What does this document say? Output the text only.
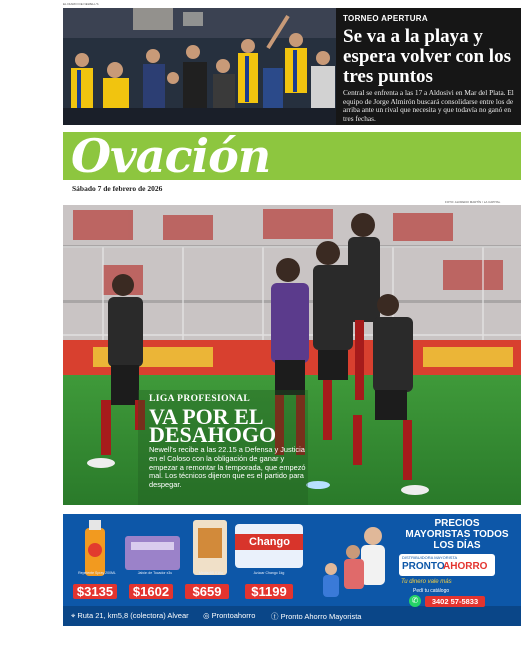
EL DIARIO DE NEWELL'S
TORNEO APERTURA
Se va a la playa y espera volver con los tres puntos
Central se enfrenta a las 17 a Aldosivi en Mar del Plata. El equipo de Jorge Almirón buscará consolidarse entre los de arriba ante un rival que necesita y que todavía no ganó en tres fechas.
Ovación
Sábado 7 de febrero de 2026
FOTO: ALFREDO MARTÍN / LA CAPITAL
LIGA PROFESIONAL
VA POR EL
DESAHOGO
Newell's recibe a las 22.15 a Defensa y Justicia en el Coloso con la obligación de ganar y empezar a remontar la temporada, que empezó mal. Los técnicos dijeron que es el partido para despegar.
Repelente Spray 200ML	Jabón de Tocador x3u	Media 6B X10u	Azúcar Chango 1kg
Chango
$3135	$1602	$659	$1199
PRECIOS
MAYORISTAS TODOS
LOS DÍAS
DISTRIBUIDORA MAYORISTA
PRONTO
AHORRO
Tu dinero vale más
Pedí tu catálogo
✆	3402 57-5833
⌖ Ruta 21, km5,8 (colectora) Alvear ◎ Prontoahorro ⓕ Pronto Ahorro Mayorista
